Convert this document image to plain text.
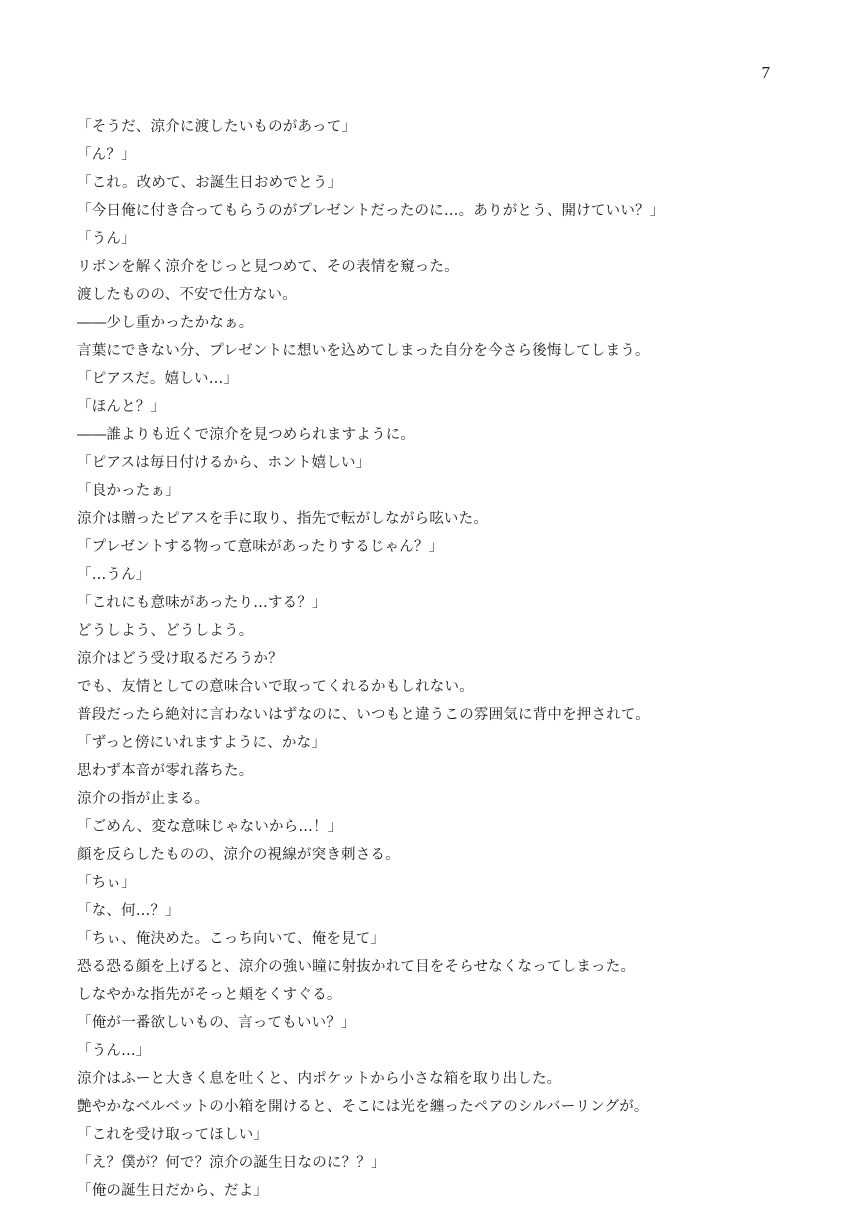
7
「そうだ、涼介に渡したいものがあって」
「ん？」
「これ。改めて、お誕生日おめでとう」
「今日俺に付き合ってもらうのがプレゼントだったのに…。ありがとう、開けていい？」
「うん」
リボンを解く涼介をじっと見つめて、その表情を窺った。
渡したものの、不安で仕方ない。
――少し重かったかなぁ。
言葉にできない分、プレゼントに想いを込めてしまった自分を今さら後悔してしまう。
「ピアスだ。嬉しい…」
「ほんと？」
――誰よりも近くで涼介を見つめられますように。
「ピアスは毎日付けるから、ホント嬉しい」
「良かったぁ」
涼介は贈ったピアスを手に取り、指先で転がしながら呟いた。
「プレゼントする物って意味があったりするじゃん？」
「…うん」
「これにも意味があったり…する？」
どうしよう、どうしよう。
涼介はどう受け取るだろうか？
でも、友情としての意味合いで取ってくれるかもしれない。
普段だったら絶対に言わないはずなのに、いつもと違うこの雰囲気に背中を押されて。
「ずっと傍にいれますように、かな」
思わず本音が零れ落ちた。
涼介の指が止まる。
「ごめん、変な意味じゃないから…！」
顔を反らしたものの、涼介の視線が突き刺さる。
「ちぃ」
「な、何…？」
「ちぃ、俺決めた。こっち向いて、俺を見て」
恐る恐る顔を上げると、涼介の強い瞳に射抜かれて目をそらせなくなってしまった。
しなやかな指先がそっと頬をくすぐる。
「俺が一番欲しいもの、言ってもいい？」
「うん…」
涼介はふーと大きく息を吐くと、内ポケットから小さな箱を取り出した。
艶やかなベルベットの小箱を開けると、そこには光を纏ったペアのシルバーリングが。
「これを受け取ってほしい」
「え？僕が？何で？涼介の誕生日なのに？？」
「俺の誕生日だから、だよ」
